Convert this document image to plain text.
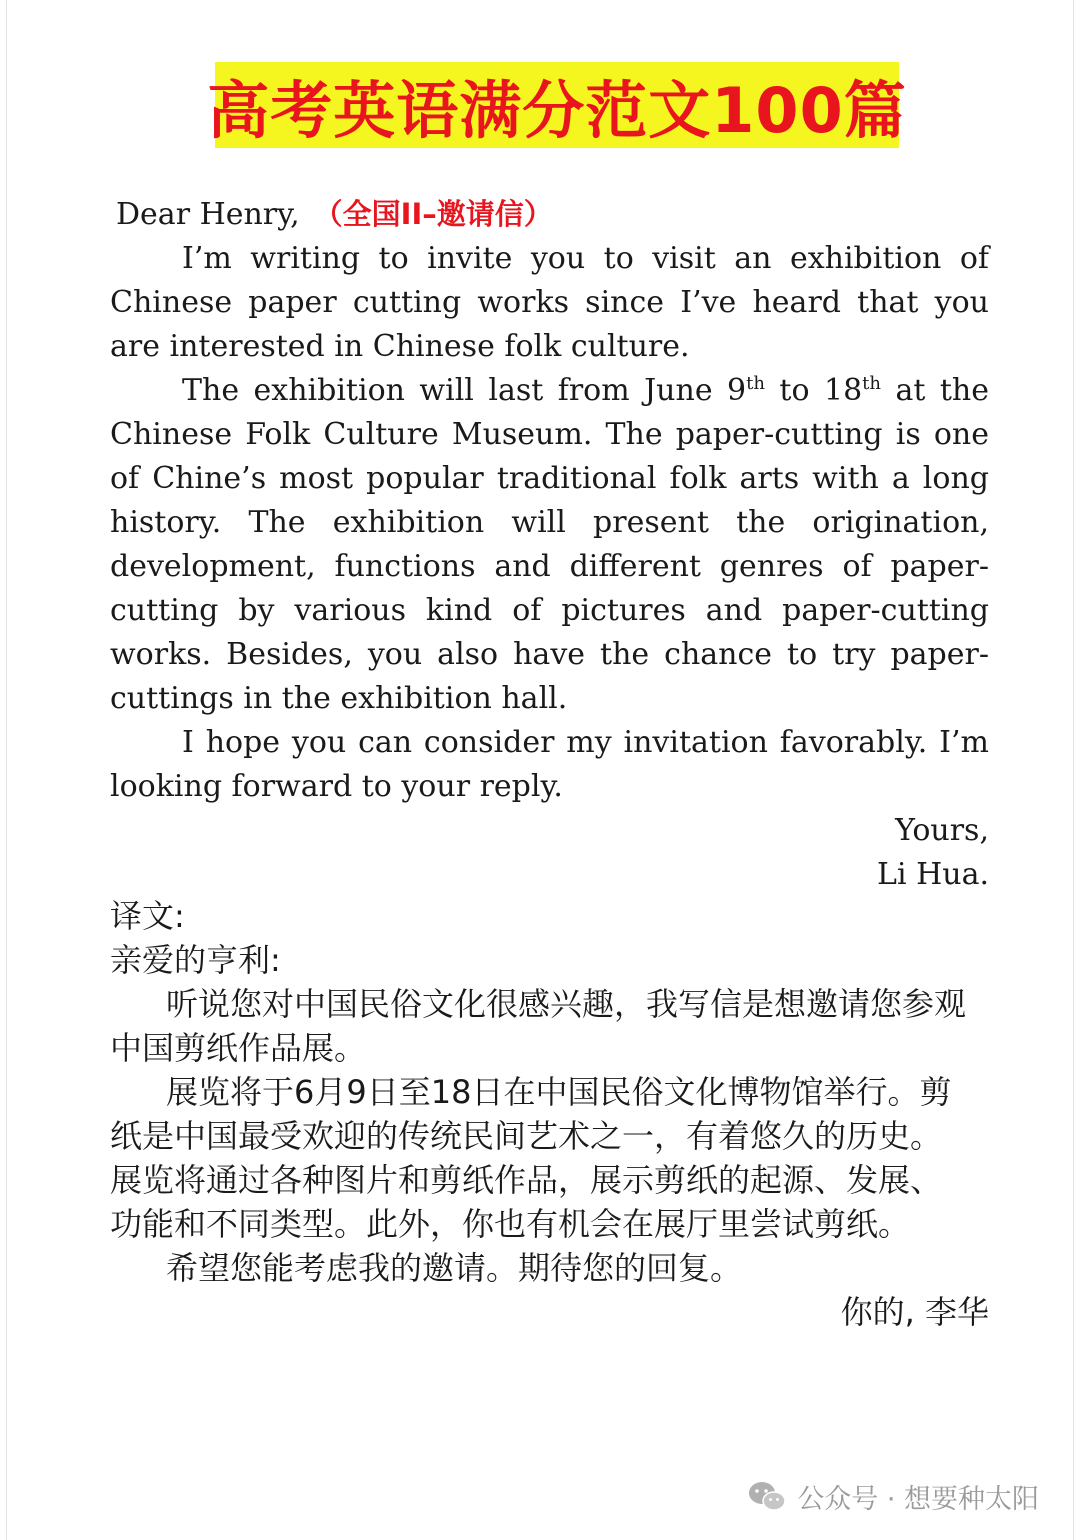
高考英语满分范文100篇
Dear Henry, （全国II–邀请信）

I’m writing to invite you to visit an exhibition of Chinese paper cutting works since I’ve heard that you are interested in Chinese folk culture.

The exhibition will last from June 9th to 18th at the Chinese Folk Culture Museum. The paper-cutting is one of Chine’s most popular traditional folk arts with a long history. The exhibition will present the origination, development, functions and different genres of paper-cutting by various kind of pictures and paper-cutting works. Besides, you also have the chance to try paper-cuttings in the exhibition hall.

I hope you can consider my invitation favorably. I’m looking forward to your reply.

Yours,
Li Hua.
译文:
亲爱的亨利:

听说您对中国民俗文化很感兴趣，我写信是想邀请您参观中国剪纸作品展。

展览将于6月9日至18日在中国民俗文化博物馆举行。剪纸是中国最受欢迎的传统民间艺术之一，有着悠久的历史。展览将通过各种图片和剪纸作品，展示剪纸的起源、发展、功能和不同类型。此外，你也有机会在展厅里尝试剪纸。

希望您能考虑我的邀请。期待您的回复。

你的, 李华
公众号 · 想要种太阳
